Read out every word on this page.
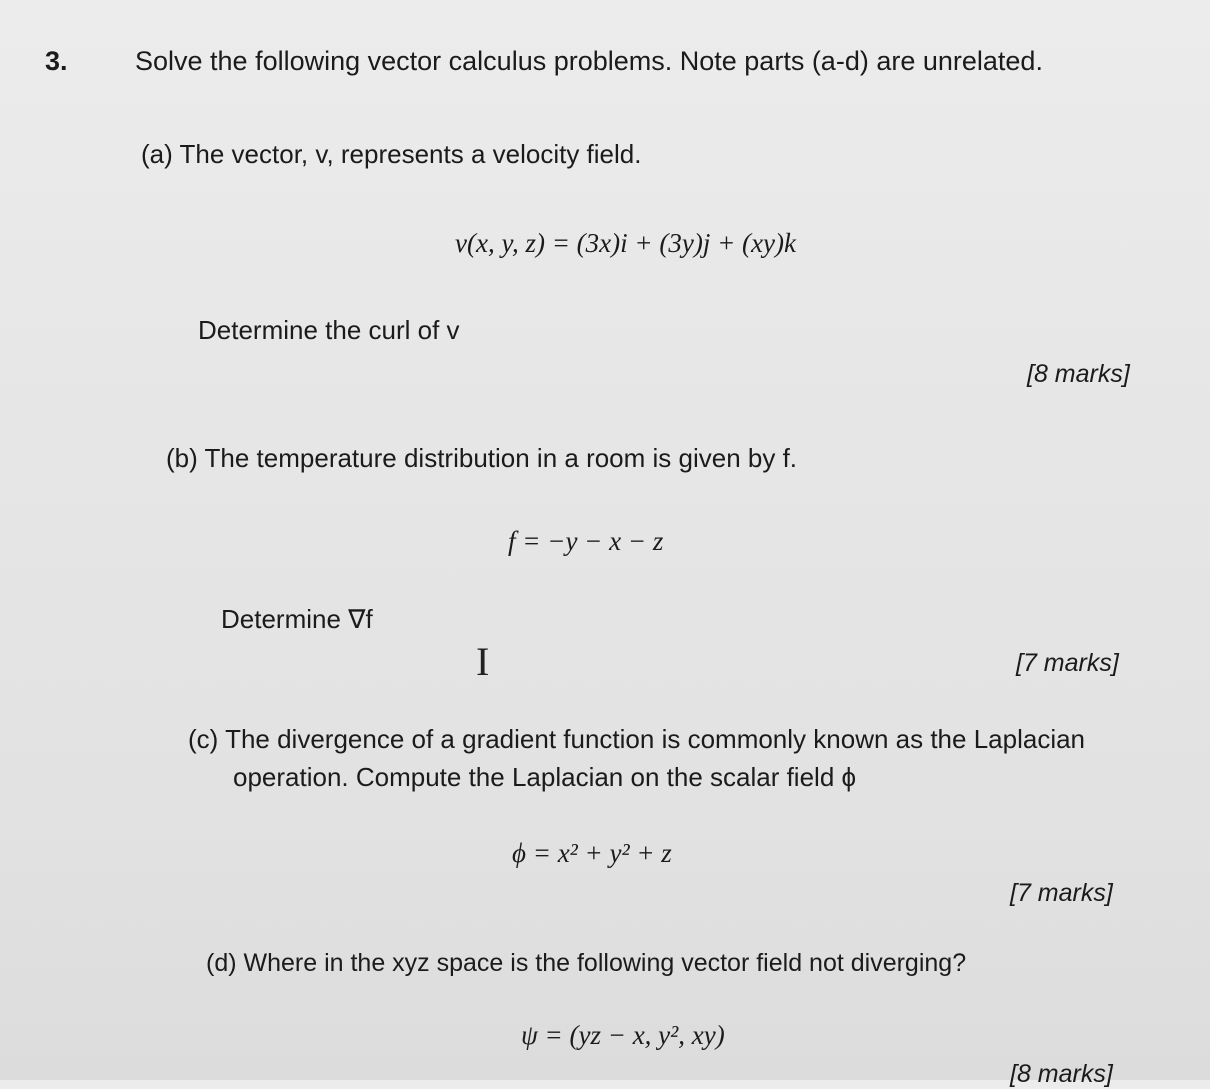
3. Solve the following vector calculus problems. Note parts (a-d) are unrelated.
(a) The vector, v, represents a velocity field.
v(x, y, z) = (3x)i + (3y)j + (xy)k
Determine the curl of v
[8 marks]
(b) The temperature distribution in a room is given by f.
f = −y − x − z
Determine ∇f
I	[7 marks]
(c) The divergence of a gradient function is commonly known as the Laplacian
operation. Compute the Laplacian on the scalar field ϕ
ϕ = x² + y² + z
[7 marks]
(d) Where in the xyz space is the following vector field not diverging?
ψ = (yz − x, y², xy)
[8 marks]
